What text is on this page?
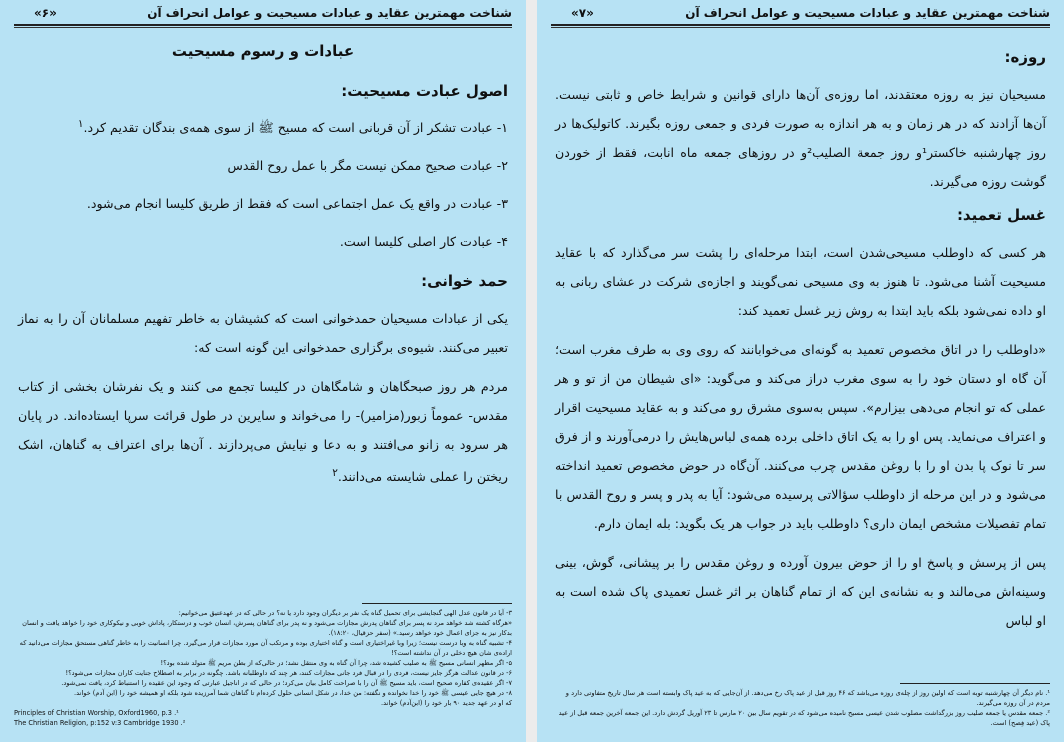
شناخت مهمترین عقاید و عبادات مسیحیت و عوامل انحراف آن
«۶»
عبادات و رسوم مسیحیت
اصول عبادت مسیحیت:
۱- عبادت تشکر از آن قربانی است که مسیح ﷺ از سوی همه‌ی بندگان تقدیم کرد.$^۱$
۲- عبادت صحیح ممکن نیست مگر با عمل روح القدس
۳- عبادت در واقع یک عمل اجتماعی است که فقط از طریق کلیسا انجام می‌شود.
۴- عبادت کار اصلی کلیسا است.
حمد خوانی:

یکی از عبادات مسیحیان حمدخوانی است که کشیشان به خاطر تفهیم مسلمانان آن را به نماز تعبیر می‌کنند. شیوه‌ی برگزاری حمدخوانی این گونه است که:

مردم هر روز صبحگاهان و شامگاهان در کلیسا تجمع می کنند و یک نفرشان بخشی از کتاب مقدس- عموماً زبور(مزامیر)- را می‌خواند و سایرین در طول قرائت سرپا ایستاده‌اند. در پایان هر سرود به زانو می‌افتند و به دعا و نیایش می‌پردازند . آن‌ها برای اعتراف به گناهان، اشک ریختن را عملی شایسته می‌دانند.$^۲$

۳- آیا در قانون عدل الهی گنجایشی برای تحمیل گناه یک نفر بر دیگران وجود دارد یا نه؟ در حالی که در عهدعتیق می‌خوانیم:

«هرگاه کشته شد خواهد مرد نه پسر برای گناهان پدرش مجازات می‌شود و نه پدر برای گناهان پسرش، انسان خوب و درستکار، پاداش خوبی و نیکوکاری خود را خواهد یافت و انسان بدکار نیز به جزای اعمال خود خواهد رسید.» (سفر حزقیال، ۱۸:۲۰).

۴- تشبیه گناه به وبا درست نیست؛ زیرا وبا غیراختیاری است و گناه اختیاری بوده و مرتکب آن مورد مجازات قرار می‌گیرد. چرا انسانیت را به خاطر گناهی مستحق مجازات می‌دانید که اراده‌ی شان هیچ دخلی در آن نداشته است؟!

۵- اگر مظهر انسانی مسیح ﷺ به صلیب کشیده شد، چرا آن گناه به وی منتقل نشد؛ در حالی‌که از بطن مریم ﷺ متولد شده بود؟!

۶- در قانون عدالت هرگز جایز نیست، فردی را در قبال فرد جانی مجازات کنند، هر چند که داوطلبانه باشد. چگونه در برابر به اصطلاح جنایت کاران مجازات می‌شود؟!

۷- اگر عقیده‌ی کفاره صحیح است، باید مسیح ﷺ آن را با صراحت کامل بیان می‌کرد؛ در حالی که در اناجیل عبارتی که وجود این عقیده را استنباط کرد، یافت نمی‌شود.

۸- در هیچ جایی عیسی ﷺ خود را خدا نخوانده و نگفته: من خدا، در شکل انسانی حلول کرده‌ام تا گناهان شما آمرزیده شود بلکه او همیشه خود را (ابن آدم) خواند.

که او در عهد جدید ۹۰ بار خود را (ابن‌آدم) خواند.

Principles of Christian Worship, Oxford1960, p.3 .¹

The Christian Religion, p:152 v:3 Cambridge 1930 .²

شناخت مهمترین عقاید و عبادات مسیحیت و عوامل انحراف آن
«۷»
روزه:

مسیحیان نیز به روزه معتقدند، اما روزه‌ی آن‌ها دارای قوانین و شرایط خاص و ثابتی نیست. آن‌ها آزادند که در هر زمان و به هر اندازه به صورت فردی و جمعی روزه بگیرند. کاتولیک‌ها در روز چهارشنبه خاکستر¹و روز جمعة الصلیب²و در روزهای جمعه ماه انابت، فقط از خوردن گوشت روزه می‌گیرند.

غسل تعمید:

هر کسی که داوطلب مسیحی‌شدن است، ابتدا مرحله‌ای را پشت سر می‌گذارد که با عقاید مسیحیت آشنا می‌شود. تا هنوز به وی مسیحی نمی‌گویند و اجازه‌ی شرکت در عشای ربانی به او داده نمی‌شود بلکه باید ابتدا به روش زیر غسل تعمید کند:

«داوطلب را در اتاق مخصوص تعمید به گونه‌ای می‌خوابانند که روی وی به طرف مغرب است؛ آن گاه او دستان خود را به سوی مغرب دراز می‌کند و می‌گوید: «ای شیطان من از تو و هر عملی که تو انجام می‌دهی بیزارم». سپس به‌سوی مشرق رو می‌کند و به عقاید مسیحیت اقرار و اعتراف می‌نماید. پس او را به یک اتاق داخلی برده همه‌ی لباس‌هایش را درمی‌آورند و از فرق سر تا نوک پا بدن او را با روغن مقدس چرب می‌کنند. آن‌گاه در حوض مخصوص تعمید انداخته می‌شود و در این مرحله از داوطلب سؤالاتی پرسیده می‌شود: آیا به پدر و پسر و روح القدس با تمام تفصیلات مشخص ایمان داری؟ داوطلب باید در جواب هر یک بگوید: بله ایمان دارم.

پس از پرسش و پاسخ او را از حوض بیرون آورده و روغن مقدس را بر پیشانی، گوش، بینی وسینه‌اش می‌مالند و به نشانه‌ی این که از تمام گناهان بر اثر غسل تعمیدی پاک شده است به او لباس

¹. نام دیگر آن چهارشنبه توبه است که اولین روز از چله‌ی روزه می‌باشد که ۴۶ روز قبل از عید پاک رخ می‌دهد. از آن‌جایی که به عید پاک وابسته است هر سال تاریخ متفاوتی دارد و مردم در آن روزه می‌گیرند.

². جمعه مقدس یا جمعه صلیب روز بزرگداشت مصلوب شدن عیسی مسیح نامیده می‌شود که در تقویم سال بین ۲۰ مارس تا ۲۳ آوریل گردش دارد. این جمعه آخرین جمعه قبل از عید پاک (عید فِصح) است.
